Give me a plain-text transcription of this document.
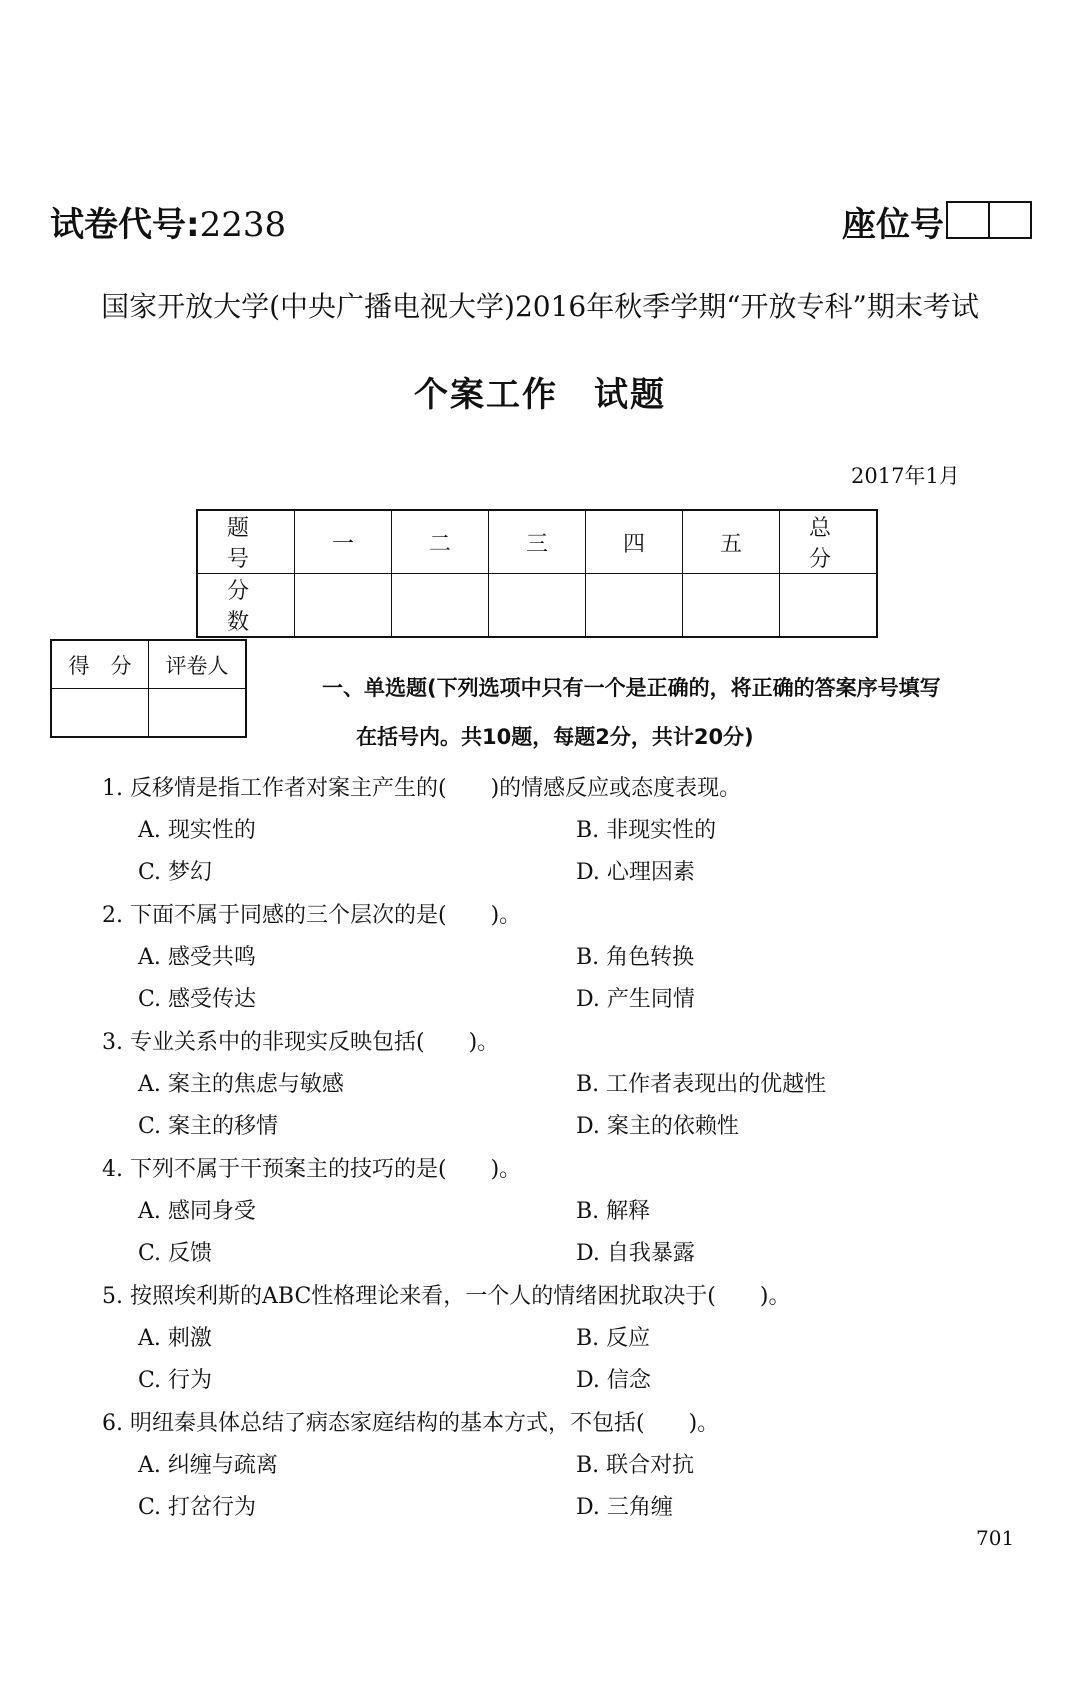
试卷代号:2238	座位号
国家开放大学(中央广播电视大学)2016年秋季学期“开放专科”期末考试
个案工作　试题
2017年1月
题　号	一	二	三	四	五	总　分
分　数						
得　分	评卷人

一、单选题(下列选项中只有一个是正确的，将正确的答案序号填写
在括号内。共10题，每题2分，共计20分)
1. 反移情是指工作者对案主产生的(　　)的情感反应或态度表现。
A. 现实性的	B. 非现实性的
C. 梦幻	D. 心理因素
2. 下面不属于同感的三个层次的是(　　)。
A. 感受共鸣	B. 角色转换
C. 感受传达	D. 产生同情
3. 专业关系中的非现实反映包括(　　)。
A. 案主的焦虑与敏感	B. 工作者表现出的优越性
C. 案主的移情	D. 案主的依赖性
4. 下列不属于干预案主的技巧的是(　　)。
A. 感同身受	B. 解释
C. 反馈	D. 自我暴露
5. 按照埃利斯的ABC性格理论来看，一个人的情绪困扰取决于(　　)。
A. 刺激	B. 反应
C. 行为	D. 信念
6. 明纽秦具体总结了病态家庭结构的基本方式，不包括(　　)。
A. 纠缠与疏离	B. 联合对抗
C. 打岔行为	D. 三角缠
701
